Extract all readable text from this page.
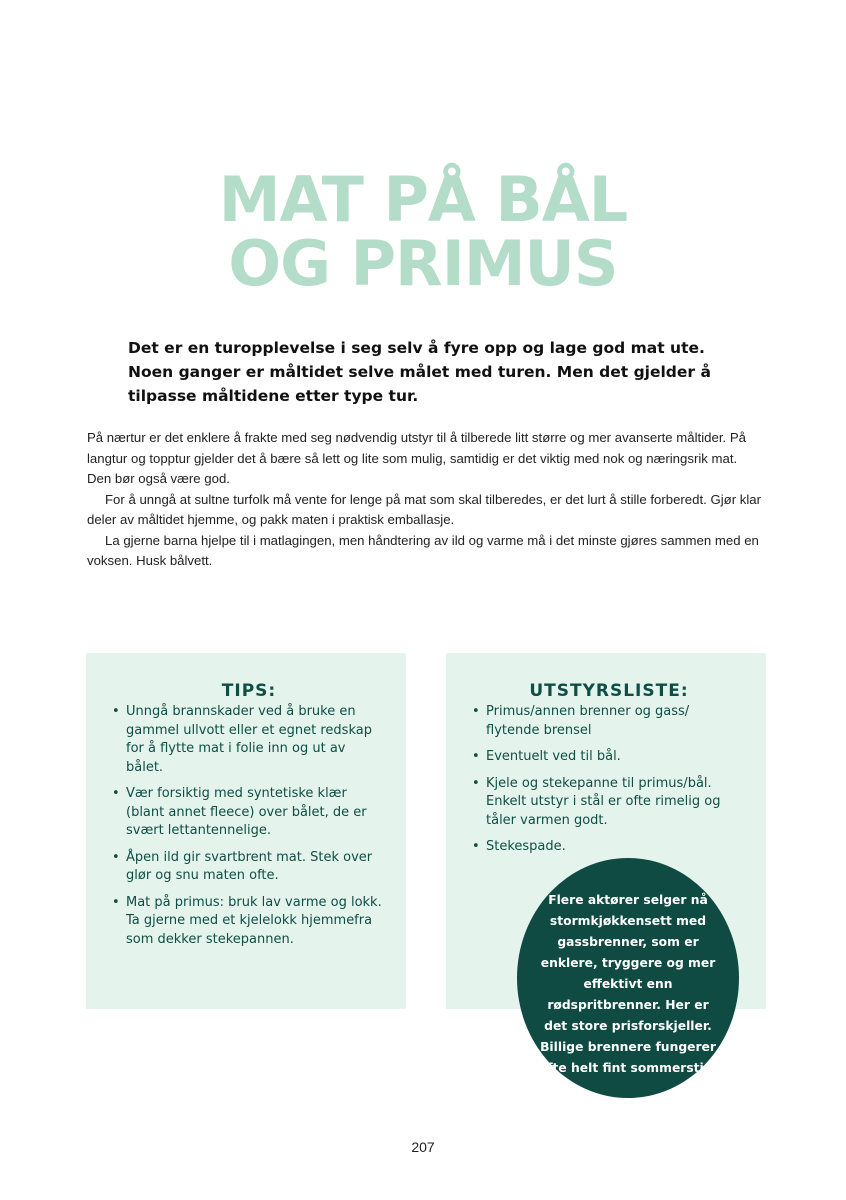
MAT PÅ BÅL
OG PRIMUS

Det er en turopplevelse i seg selv å fyre opp og lage god mat ute. Noen ganger er måltidet selve målet med turen. Men det gjelder å tilpasse måltidene etter type tur.

På nærtur er det enklere å frakte med seg nødvendig utstyr til å tilberede litt større og mer avanserte måltider. På langtur og topptur gjelder det å bære så lett og lite som mulig, samtidig er det viktig med nok og næringsrik mat. Den bør også være god.

For å unngå at sultne turfolk må vente for lenge på mat som skal tilberedes, er det lurt å stille forberedt. Gjør klar deler av måltidet hjemme, og pakk maten i praktisk emballasje.

La gjerne barna hjelpe til i matlagingen, men håndtering av ild og varme må i det minste gjøres sammen med en voksen. Husk bålvett.

TIPS:
• Unngå brannskader ved å bruke en gammel ullvott eller et egnet redskap for å flytte mat i folie inn og ut av bålet.
• Vær forsiktig med syntetiske klær (blant annet fleece) over bålet, de er svært lettantennelige.
• Åpen ild gir svartbrent mat. Stek over glør og snu maten ofte.
• Mat på primus: bruk lav varme og lokk. Ta gjerne med et kjelelokk hjemmefra som dekker stekepannen.
UTSTYRSLISTE:
• Primus/annen brenner og gass/ flytende brensel
• Eventuelt ved til bål.
• Kjele og stekepanne til primus/bål. Enkelt utstyr i stål er ofte rimelig og tåler varmen godt.
• Stekespade.
Flere aktører selger nå stormkjøkkensett med gassbrenner, som er enklere, tryggere og mer effektivt enn rødspritbrenner. Her er det store prisforskjeller. Billige brennere fungerer ofte helt fint sommerstid.
207
